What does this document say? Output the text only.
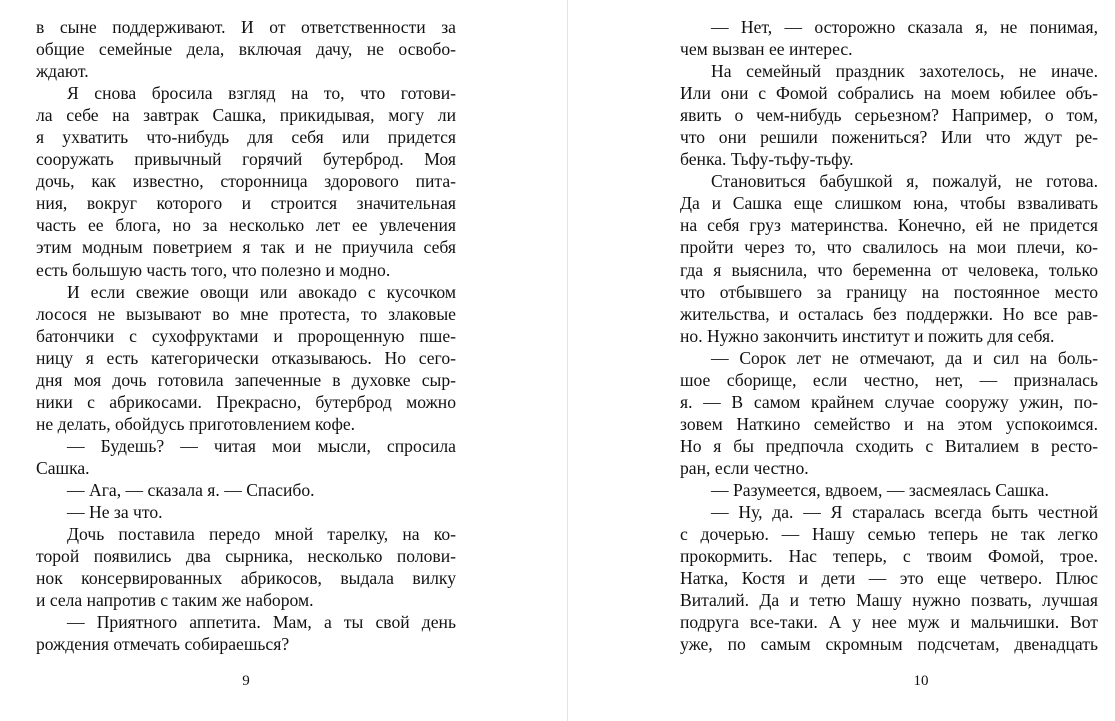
в сыне поддерживают. И от ответственности за
общие семейные дела, включая дачу, не освобо-
ждают.
Я снова бросила взгляд на то, что готови-
ла себе на завтрак Сашка, прикидывая, могу ли
я ухватить что-нибудь для себя или придется
сооружать привычный горячий бутерброд. Моя
дочь, как известно, сторонница здорового пита-
ния, вокруг которого и строится значительная
часть ее блога, но за несколько лет ее увлечения
этим модным поветрием я так и не приучила себя
есть большую часть того, что полезно и модно.
И если свежие овощи или авокадо с кусочком
лосося не вызывают во мне протеста, то злаковые
батончики с сухофруктами и пророщенную пше-
ницу я есть категорически отказываюсь. Но сего-
дня моя дочь готовила запеченные в духовке сыр-
ники с абрикосами. Прекрасно, бутерброд можно
не делать, обойдусь приготовлением кофе.
— Будешь? — читая мои мысли, спросила
Сашка.
— Ага, — сказала я. — Спасибо.
— Не за что.
Дочь поставила передо мной тарелку, на ко-
торой появились два сырника, несколько полови-
нок консервированных абрикосов, выдала вилку
и села напротив с таким же набором.
— Приятного аппетита. Мам, а ты свой день
рождения отмечать собираешься?
9
— Нет, — осторожно сказала я, не понимая,
чем вызван ее интерес.
На семейный праздник захотелось, не иначе.
Или они с Фомой собрались на моем юбилее объ-
явить о чем-нибудь серьезном? Например, о том,
что они решили пожениться? Или что ждут ре-
бенка. Тьфу-тьфу-тьфу.
Становиться бабушкой я, пожалуй, не готова.
Да и Сашка еще слишком юна, чтобы взваливать
на себя груз материнства. Конечно, ей не придется
пройти через то, что свалилось на мои плечи, ко-
гда я выяснила, что беременна от человека, только
что отбывшего за границу на постоянное место
жительства, и осталась без поддержки. Но все рав-
но. Нужно закончить институт и пожить для себя.
— Сорок лет не отмечают, да и сил на боль-
шое сборище, если честно, нет, — призналась
я. — В самом крайнем случае сооружу ужин, по-
зовем Наткино семейство и на этом успокоимся.
Но я бы предпочла сходить с Виталием в ресто-
ран, если честно.
— Разумеется, вдвоем, — засмеялась Сашка.
— Ну, да. — Я старалась всегда быть честной
с дочерью. — Нашу семью теперь не так легко
прокормить. Нас теперь, с твоим Фомой, трое.
Натка, Костя и дети — это еще четверо. Плюс
Виталий. Да и тетю Машу нужно позвать, лучшая
подруга все-таки. А у нее муж и мальчишки. Вот
уже, по самым скромным подсчетам, двенадцать
10
